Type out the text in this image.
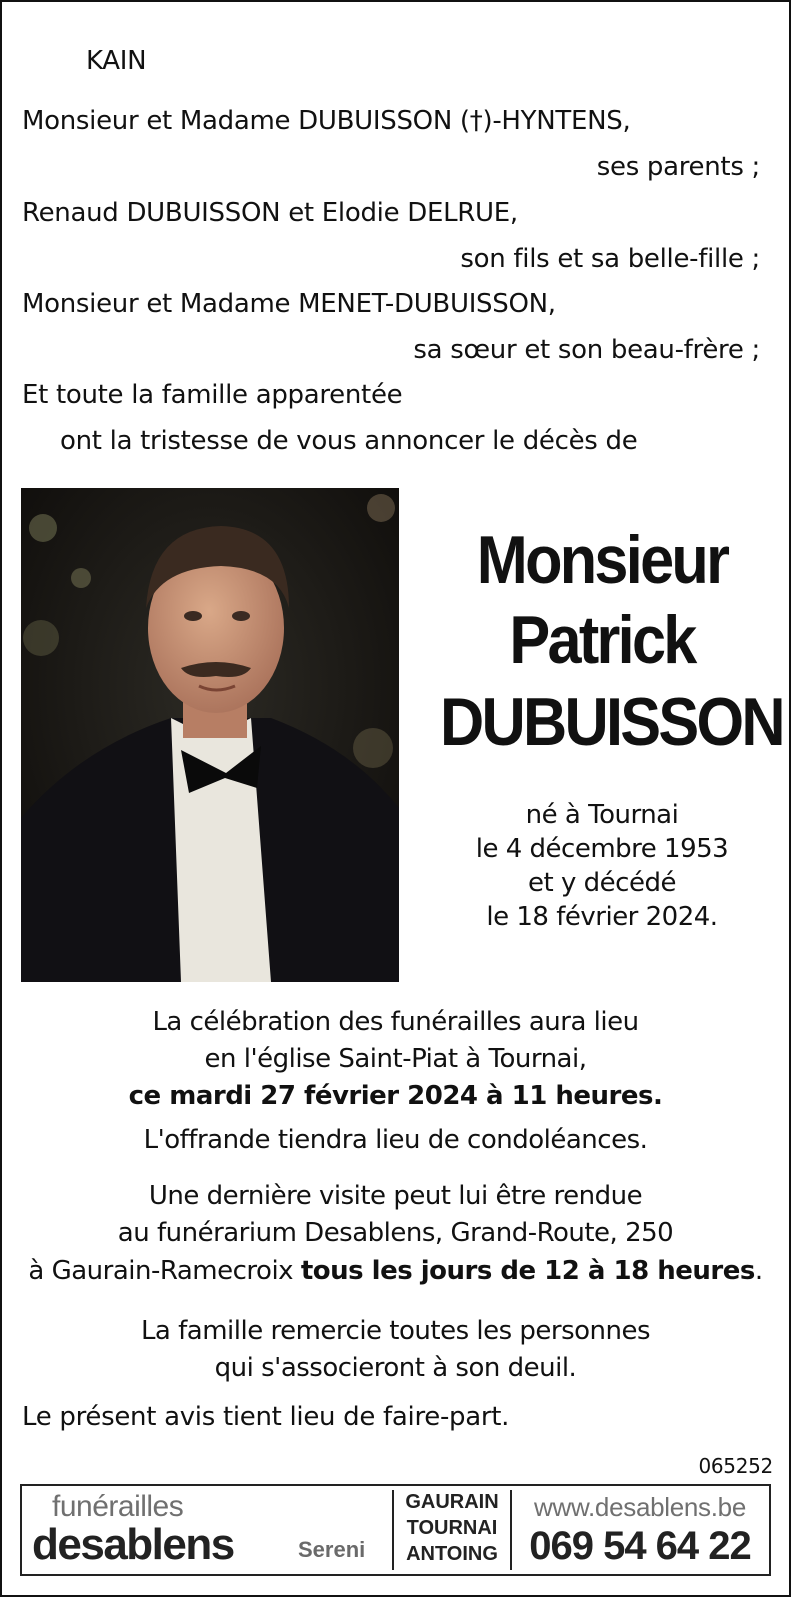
KAIN
Monsieur et Madame DUBUISSON (†)-HYNTENS,
ses parents ;
Renaud DUBUISSON et Elodie DELRUE,
son fils et sa belle-fille ;
Monsieur et Madame MENET-DUBUISSON,
sa sœur et son beau-frère ;
Et toute la famille apparentée
ont la tristesse de vous annoncer le décès de
Monsieur
Patrick
DUBUISSON
né à Tournai
le 4 décembre 1953
et y décédé
le 18 février 2024.
La célébration des funérailles aura lieu
en l'église Saint-Piat à Tournai,
ce mardi 27 février 2024 à 11 heures.
L'offrande tiendra lieu de condoléances.
Une dernière visite peut lui être rendue
au funérarium Desablens, Grand-Route, 250
à Gaurain-Ramecroix tous les jours de 12 à 18 heures.
La famille remercie toutes les personnes
qui s'associeront à son deuil.
Le présent avis tient lieu de faire-part.
065252
funérailles
desablens	Sereni
GAURAIN
TOURNAI
ANTOING
www.desablens.be
069 54 64 22
